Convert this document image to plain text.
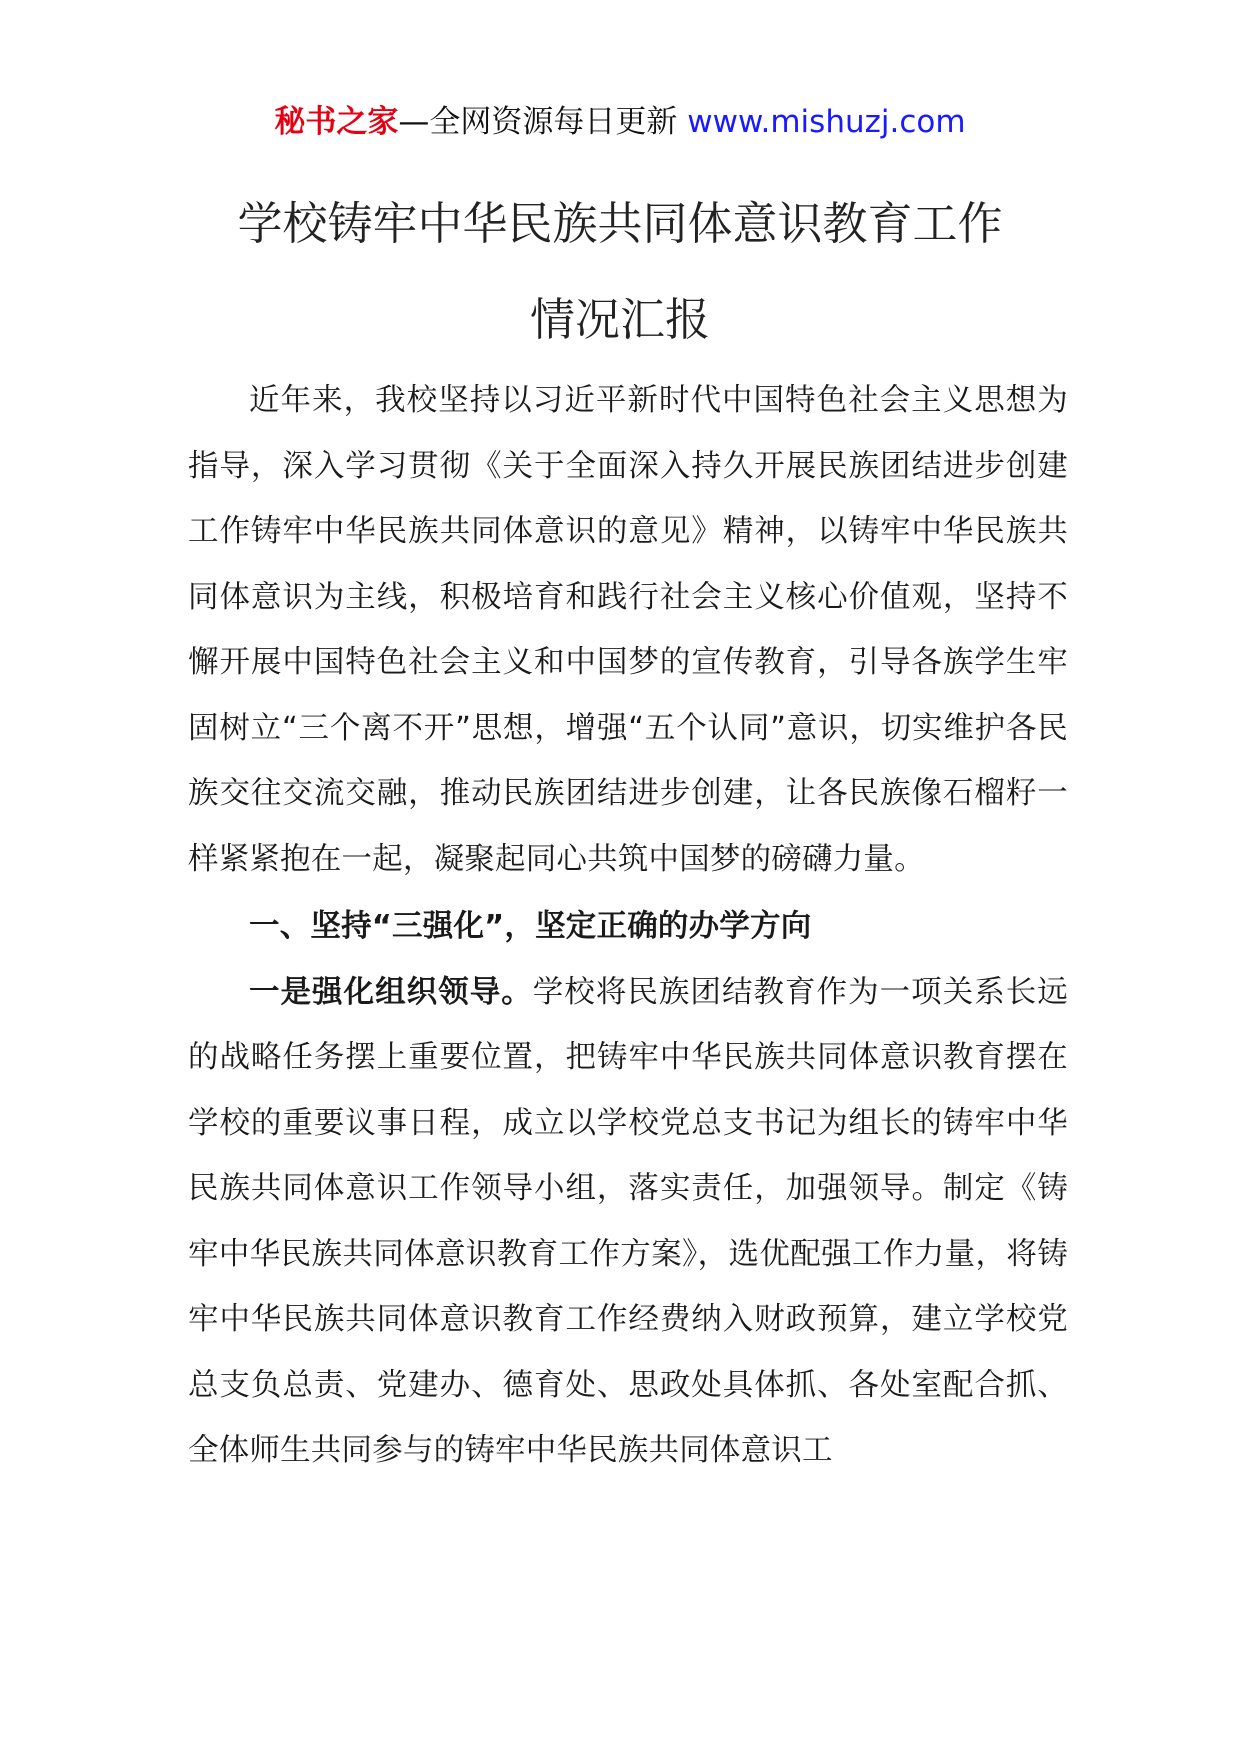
秘书之家—全网资源每日更新 www.mishuzj.com
学校铸牢中华民族共同体意识教育工作
情况汇报

近年来，我校坚持以习近平新时代中国特色社会主义思想为指导，深入学习贯彻《关于全面深入持久开展民族团结进步创建工作铸牢中华民族共同体意识的意见》精神，以铸牢中华民族共同体意识为主线，积极培育和践行社会主义核心价值观，坚持不懈开展中国特色社会主义和中国梦的宣传教育，引导各族学生牢固树立“三个离不开”思想，增强“五个认同”意识，切实维护各民族交往交流交融，推动民族团结进步创建，让各民族像石榴籽一样紧紧抱在一起，凝聚起同心共筑中国梦的磅礴力量。

一、坚持“三强化”，坚定正确的办学方向

一是强化组织领导。学校将民族团结教育作为一项关系长远的战略任务摆上重要位置，把铸牢中华民族共同体意识教育摆在学校的重要议事日程，成立以学校党总支书记为组长的铸牢中华民族共同体意识工作领导小组，落实责任，加强领导。制定《铸牢中华民族共同体意识教育工作方案》，选优配强工作力量，将铸牢中华民族共同体意识教育工作经费纳入财政预算，建立学校党总支负总责、党建办、德育处、思政处具体抓、各处室配合抓、全体师生共同参与的铸牢中华民族共同体意识工
